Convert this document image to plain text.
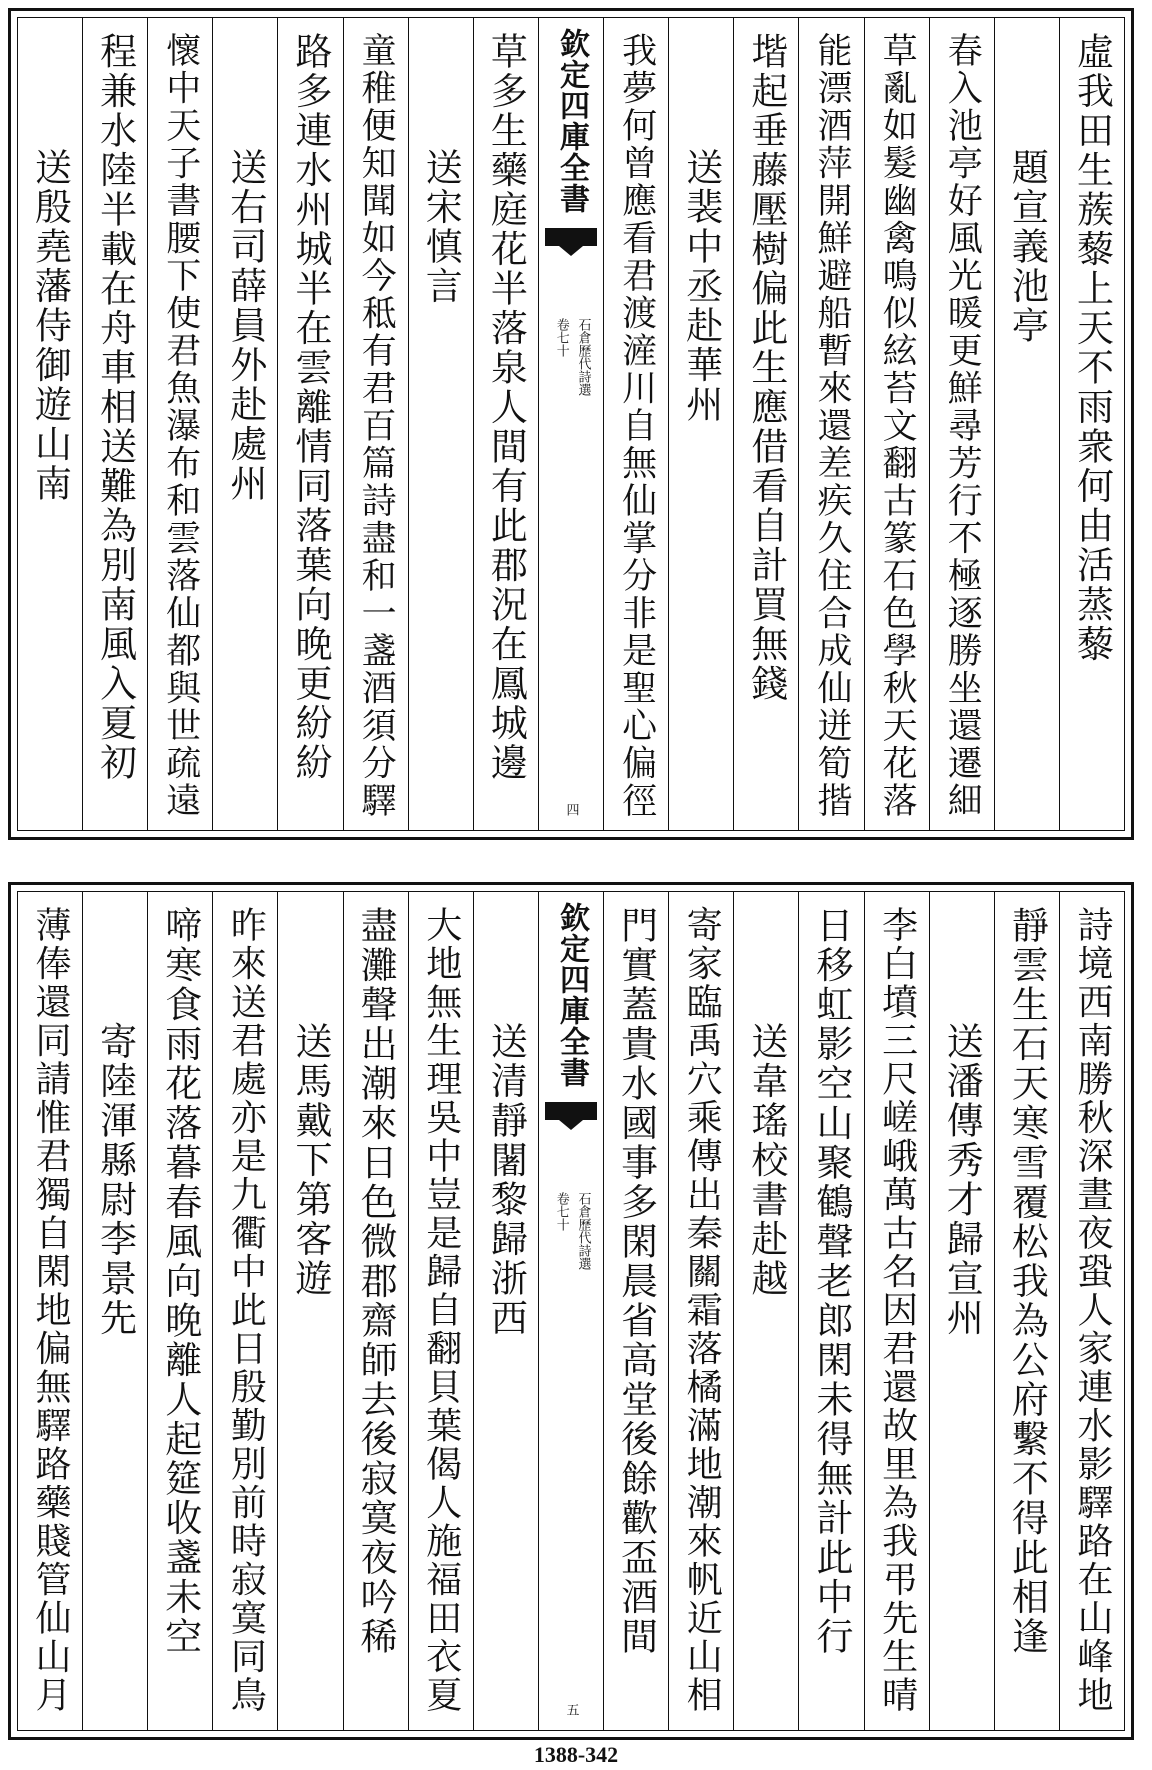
虛我田生蔟藜上天不雨衆何由活蒸藜
題宣義池亭
春入池亭好風光暖更鮮尋芳行不極逐勝坐還遷細
草亂如髮幽禽鳴似絃苔文翻古篆石色學秋天花落
能漂酒萍開鮮避船暫來還差疾久住合成仙迸筍揩
堦起垂藤壓樹偏此生應借看自計買無錢
送裴中丞赴華州
我夢何曾應看君渡滻川自無仙掌分非是聖心偏徑
欽定四庫全書
石倉歷代詩選
卷七十
四
草多生藥庭花半落泉人間有此郡況在鳳城邊
送宋慎言
童稚便知聞如今秪有君百篇詩盡和一盞酒須分驛
路多連水州城半在雲離情同落葉向晚更紛紛
送右司薛員外赴處州
懷中天子書腰下使君魚瀑布和雲落仙都與世疏遠
程兼水陸半載在舟車相送難為別南風入夏初
送殷堯藩侍御遊山南
詩境西南勝秋深晝夜蛩人家連水影驛路在山峰地
靜雲生石天寒雪覆松我為公府繫不得此相逢
送潘傳秀才歸宣州
李白墳三尺嵯峨萬古名因君還故里為我弔先生晴
日移虹影空山聚鶴聲老郎閑未得無計此中行
送韋瑤校書赴越
寄家臨禹穴乘傳出秦關霜落橘滿地潮來帆近山相
門實蓋貴水國事多閑晨省高堂後餘歡盃酒間
欽定四庫全書
石倉歷代詩選
卷七十
五
送清靜闍黎歸浙西
大地無生理吳中豈是歸自翻貝葉偈人施福田衣夏
盡灘聲出潮來日色微郡齋師去後寂寞夜吟稀
送馬戴下第客遊
昨來送君處亦是九衢中此日殷勤別前時寂寞同鳥
啼寒食雨花落暮春風向晚離人起筵收盞未空
寄陸渾縣尉李景先
薄俸還同請惟君獨自閑地偏無驛路藥賤管仙山月
1388-342
